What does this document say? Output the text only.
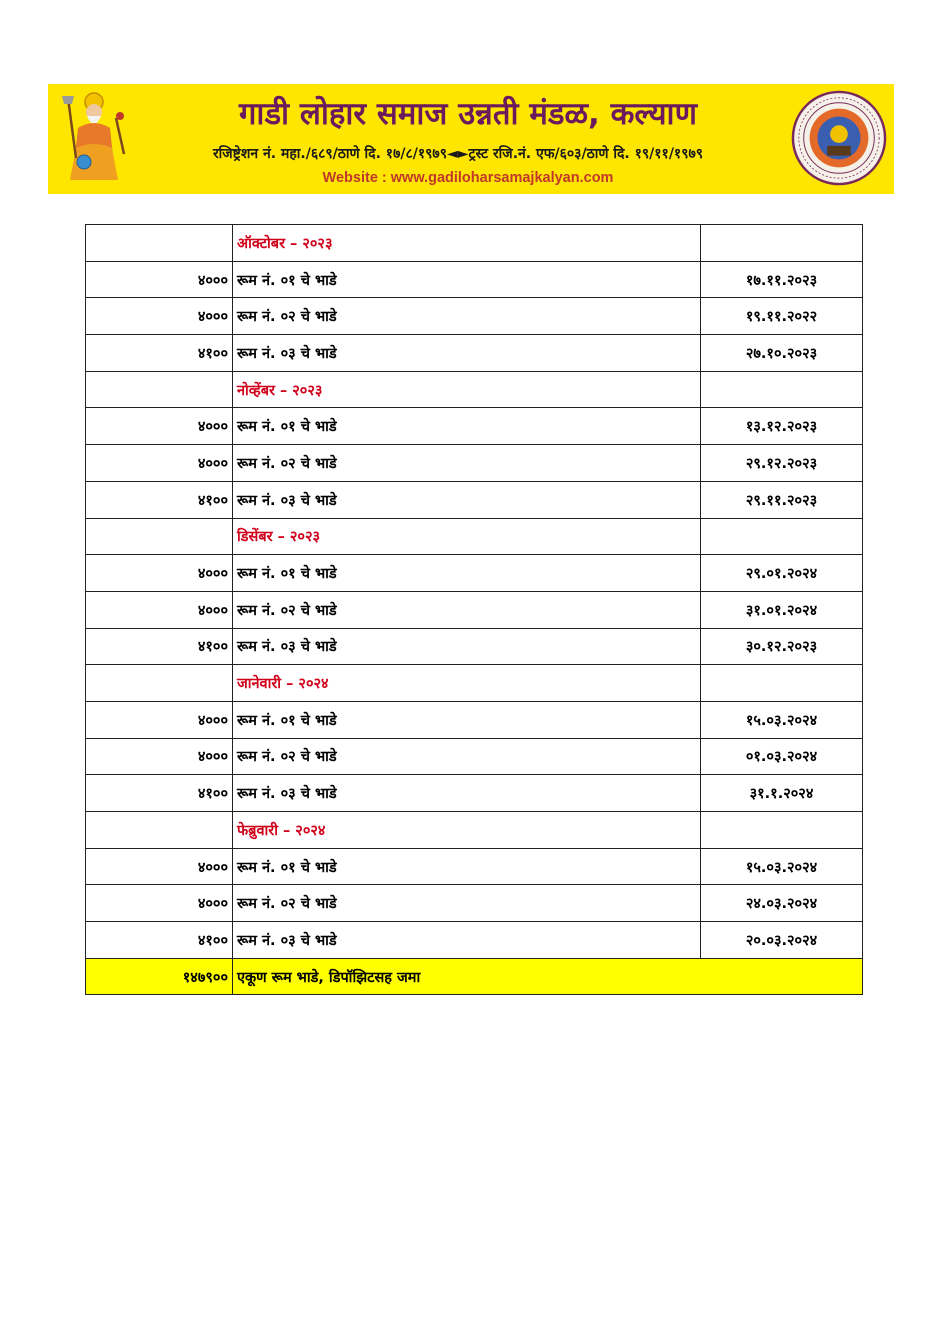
गाडी लोहार समाज उन्नती मंडळ, कल्याण
रजिष्ट्रेशन नं. महा./६८९/ठाणे दि. १७/८/१९७९◄►ट्रस्ट रजि.नं. एफ/६०३/ठाणे दि. १९/११/१९७९
Website : www.gadiloharsamajkalyan.com
	ऑक्टोबर – २०२३	
४०००	रूम नं. ०१ चे भाडे	१७.११.२०२३
४०००	रूम नं. ०२ चे भाडे	१९.११.२०२२
४१००	रूम नं. ०३ चे भाडे	२७.१०.२०२३
	नोव्हेंबर – २०२३	
४०००	रूम नं. ०१ चे भाडे	१३.१२.२०२३
४०००	रूम नं. ०२ चे भाडे	२९.१२.२०२३
४१००	रूम नं. ०३ चे भाडे	२९.११.२०२३
	डिसेंबर – २०२३	
४०००	रूम नं. ०१ चे भाडे	२९.०१.२०२४
४०००	रूम नं. ०२ चे भाडे	३१.०१.२०२४
४१००	रूम नं. ०३ चे भाडे	३०.१२.२०२३
	जानेवारी – २०२४	
४०००	रूम नं. ०१ चे भाडे	१५.०३.२०२४
४०००	रूम नं. ०२ चे भाडे	०१.०३.२०२४
४१००	रूम नं. ०३ चे भाडे	३१.१.२०२४
	फेब्रुवारी – २०२४	
४०००	रूम नं. ०१ चे भाडे	१५.०३.२०२४
४०००	रूम नं. ०२ चे भाडे	२४.०३.२०२४
४१००	रूम नं. ०३ चे भाडे	२०.०३.२०२४
१४७९००	एकूण रूम भाडे, डिपॉझिटसह जमा	
